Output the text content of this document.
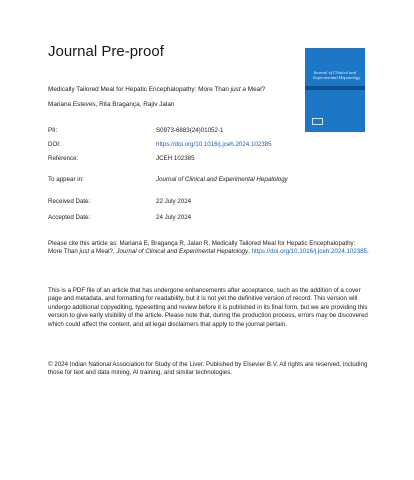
Journal Pre-proof
Journal of Clinical and Experimental Hepatology
Medically Tailored Meal for Hepatic Encephalopathy: More Than just a Meal?
Mariana Esteves, Rita Bragança, Rajiv Jalan
PII:	S0973-6883(24)01052-1
DOI:	https://doi.org/10.1016/j.jceh.2024.102385
Reference:	JCEH 102385
To appear in:	Journal of Clinical and Experimental Hepatology
Received Date:	22 July 2024
Accepted Date:	24 July 2024
Please cite this article as: Mariana E, Bragança R, Jalan R, Medically Tailored Meal for Hepatic Encephalopathy: More Than just a Meal?, Journal of Clinical and Experimental Hepatology, https://doi.org/10.1016/j.jceh.2024.102385.
This is a PDF file of an article that has undergone enhancements after acceptance, such as the addition of a cover page and metadata, and formatting for readability, but it is not yet the definitive version of record. This version will undergo additional copyediting, typesetting and review before it is published in its final form, but we are providing this version to give early visibility of the article. Please note that, during the production process, errors may be discovered which could affect the content, and all legal disclaimers that apply to the journal pertain.
© 2024 Indian National Association for Study of the Liver. Published by Elsevier B.V. All rights are reserved, including those for text and data mining, AI training, and similar technologies.
